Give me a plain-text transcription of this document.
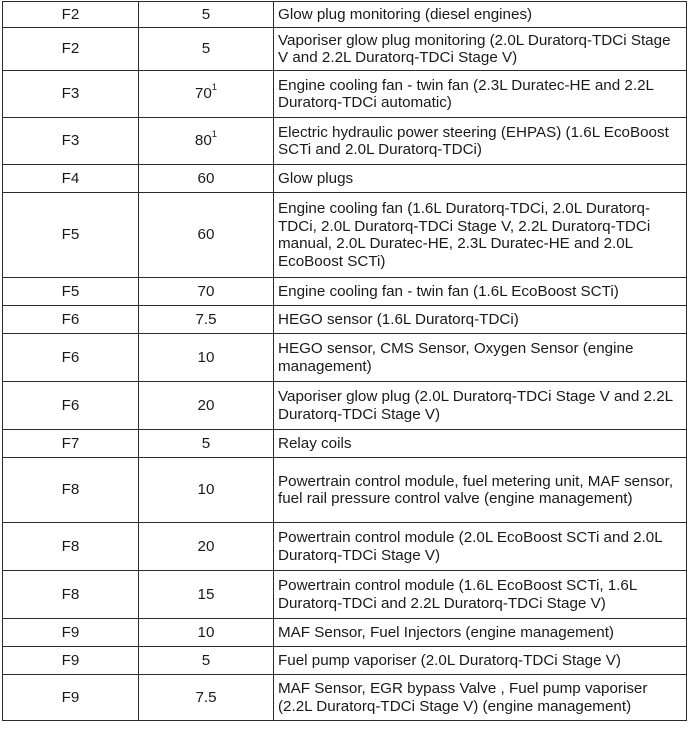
F2	5	Glow plug monitoring (diesel engines)
F2	5	Vaporiser glow plug monitoring (2.0L Duratorq-TDCi Stage V and 2.2L Duratorq-TDCi Stage V)
F3	70$^1$	Engine cooling fan - twin fan (2.3L Duratec-HE and 2.2L Duratorq-TDCi automatic)
F3	80$^1$	Electric hydraulic power steering (EHPAS) (1.6L EcoBoost SCTi and 2.0L Duratorq-TDCi)
F4	60	Glow plugs
F5	60	Engine cooling fan (1.6L Duratorq-TDCi, 2.0L Duratorq-TDCi, 2.0L Duratorq-TDCi Stage V, 2.2L Duratorq-TDCi manual, 2.0L Duratec-HE, 2.3L Duratec-HE and 2.0L EcoBoost SCTi)
F5	70	Engine cooling fan - twin fan (1.6L EcoBoost SCTi)
F6	7.5	HEGO sensor (1.6L Duratorq-TDCi)
F6	10	HEGO sensor, CMS Sensor, Oxygen Sensor (engine management)
F6	20	Vaporiser glow plug (2.0L Duratorq-TDCi Stage V and 2.2L Duratorq-TDCi Stage V)
F7	5	Relay coils
F8	10	Powertrain control module, fuel metering unit, MAF sensor, fuel rail pressure control valve (engine management)
F8	20	Powertrain control module (2.0L EcoBoost SCTi and 2.0L Duratorq-TDCi Stage V)
F8	15	Powertrain control module (1.6L EcoBoost SCTi, 1.6L Duratorq-TDCi and 2.2L Duratorq-TDCi Stage V)
F9	10	MAF Sensor, Fuel Injectors (engine management)
F9	5	Fuel pump vaporiser (2.0L Duratorq-TDCi Stage V)
F9	7.5	MAF Sensor, EGR bypass Valve , Fuel pump vaporiser (2.2L Duratorq-TDCi Stage V) (engine management)
